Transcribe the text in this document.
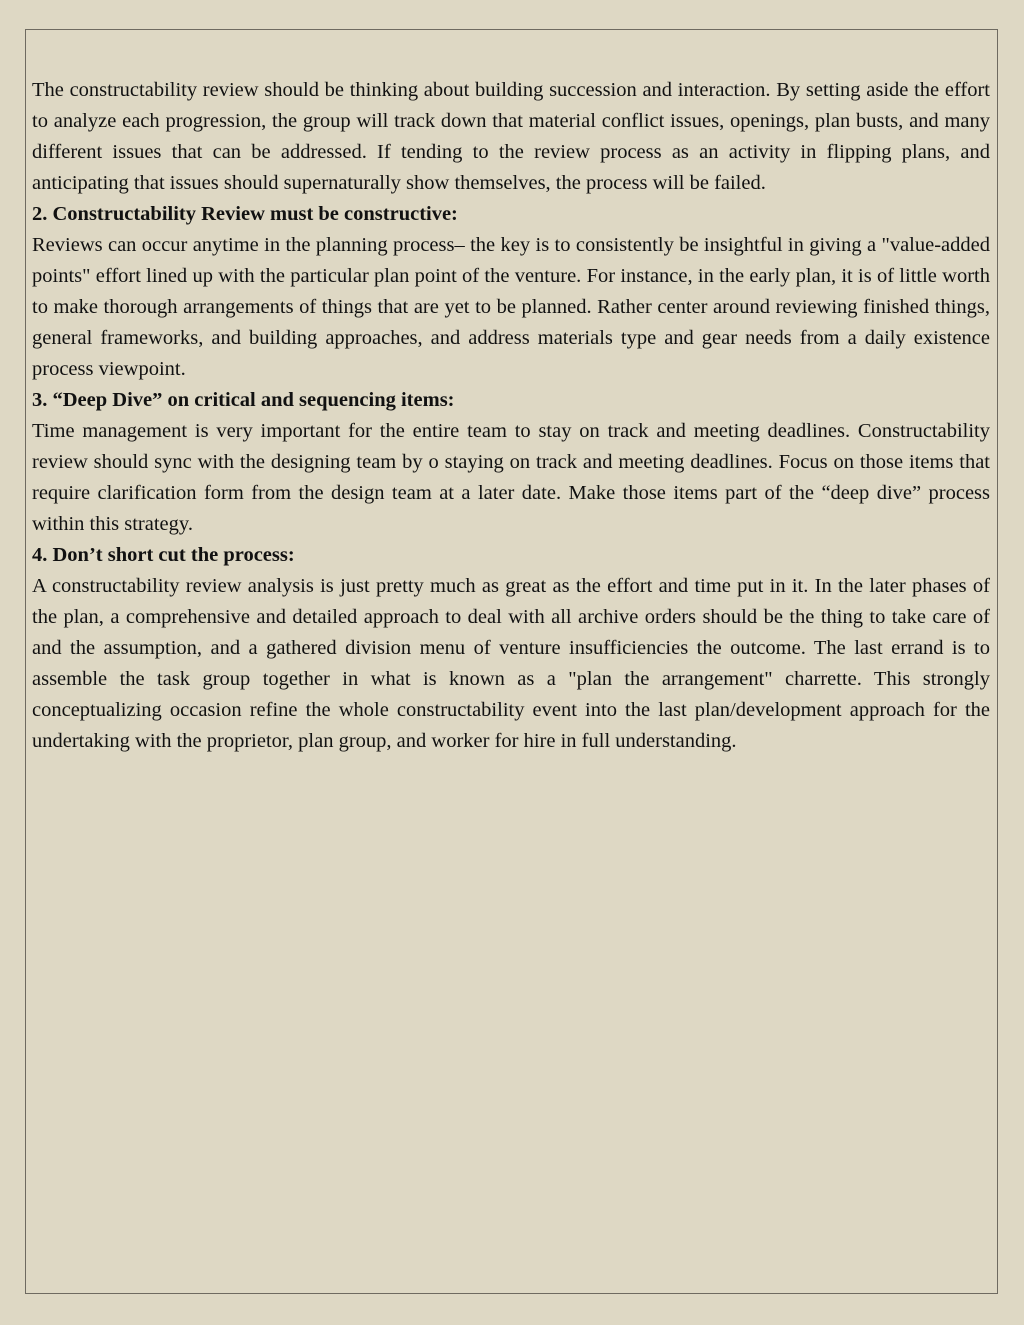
The constructability review should be thinking about building succession and interaction. By setting aside the effort to analyze each progression, the group will track down that material conflict issues, openings, plan busts, and many different issues that can be addressed. If tending to the review process as an activity in flipping plans, and anticipating that issues should supernaturally show themselves, the process will be failed.

2. Constructability Review must be constructive:

Reviews can occur anytime in the planning process– the key is to consistently be insightful in giving a "value-added points" effort lined up with the particular plan point of the venture. For instance, in the early plan, it is of little worth to make thorough arrangements of things that are yet to be planned. Rather center around reviewing finished things, general frameworks, and building approaches, and address materials type and gear needs from a daily existence process viewpoint.

3. “Deep Dive” on critical and sequencing items:

Time management is very important for the entire team to stay on track and meeting deadlines. Constructability review should sync with the designing team by o staying on track and meeting deadlines. Focus on those items that require clarification form from the design team at a later date. Make those items part of the “deep dive” process within this strategy.

4. Don’t short cut the process:

A constructability review analysis is just pretty much as great as the effort and time put in it. In the later phases of the plan, a comprehensive and detailed approach to deal with all archive orders should be the thing to take care of and the assumption, and a gathered division menu of venture insufficiencies the outcome. The last errand is to assemble the task group together in what is known as a "plan the arrangement" charrette. This strongly conceptualizing occasion refine the whole constructability event into the last plan/development approach for the undertaking with the proprietor, plan group, and worker for hire in full understanding.
